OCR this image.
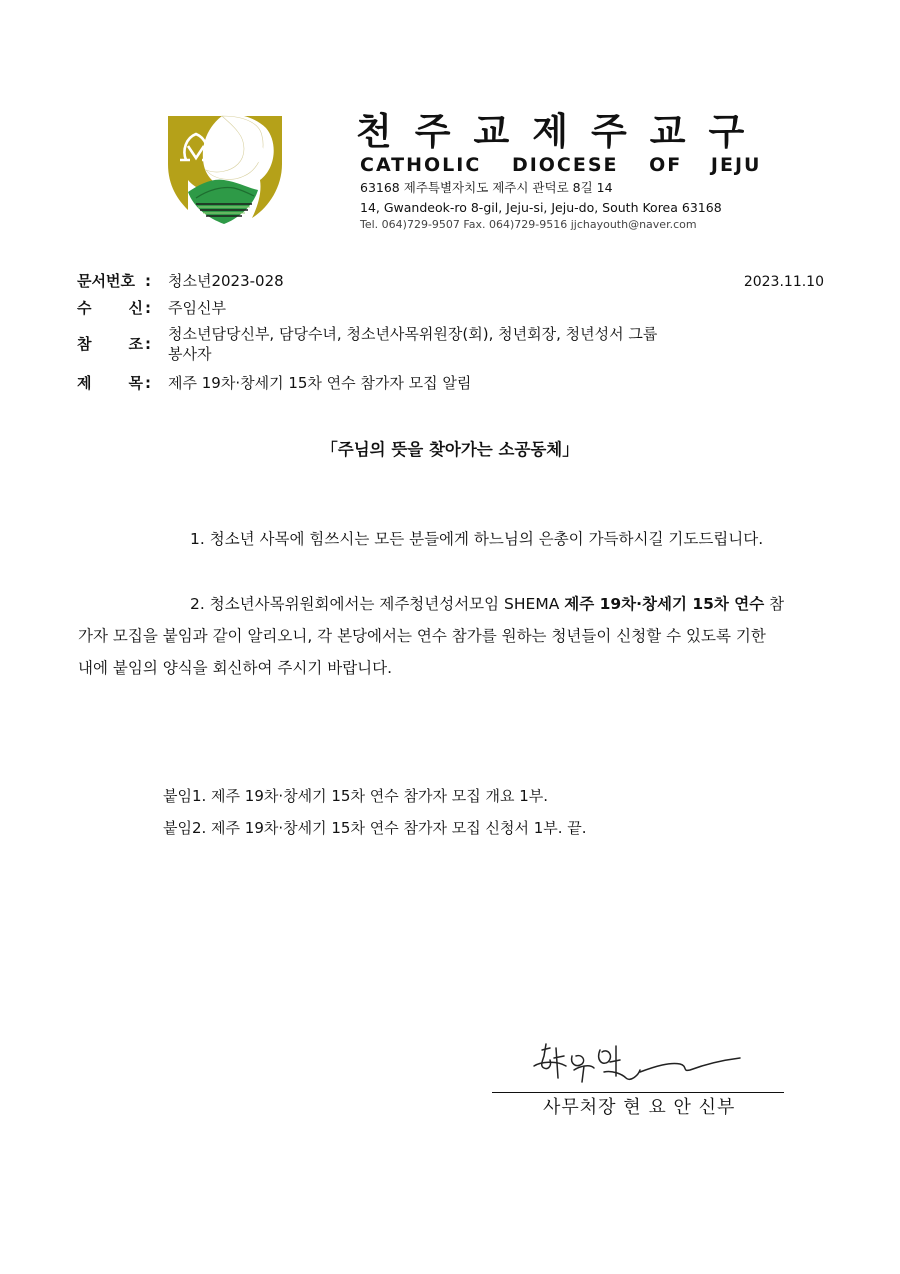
천주교제주교구
CATHOLIC DIOCESE OF JEJU
63168 제주특별자치도 제주시 관덕로 8길 14
14, Gwandeok-ro 8-gil, Jeju-si, Jeju-do, South Korea 63168
Tel. 064)729-9507 Fax. 064)729-9516 jjchayouth@naver.com
문서번호 : 청소년2023-028	2023.11.10
수 신 : 주임신부
참 조 :
청소년담당신부, 담당수녀, 청소년사목위원장(회), 청년회장, 청년성서 그룹
봉사자
제 목 : 제주 19차·창세기 15차 연수 참가자 모집 알림
「주님의 뜻을 찾아가는 소공동체」
1. 청소년 사목에 힘쓰시는 모든 분들에게 하느님의 은총이 가득하시길 기도드립니다.
2. 청소년사목위원회에서는 제주청년성서모임 SHEMA 제주 19차·창세기 15차 연수 참
가자 모집을 붙임과 같이 알리오니, 각 본당에서는 연수 참가를 원하는 청년들이 신청할 수 있도록 기한
내에 붙임의 양식을 회신하여 주시기 바랍니다.
붙임1. 제주 19차·창세기 15차 연수 참가자 모집 개요 1부.
붙임2. 제주 19차·창세기 15차 연수 참가자 모집 신청서 1부. 끝.
사무처장 현 요 안 신부
